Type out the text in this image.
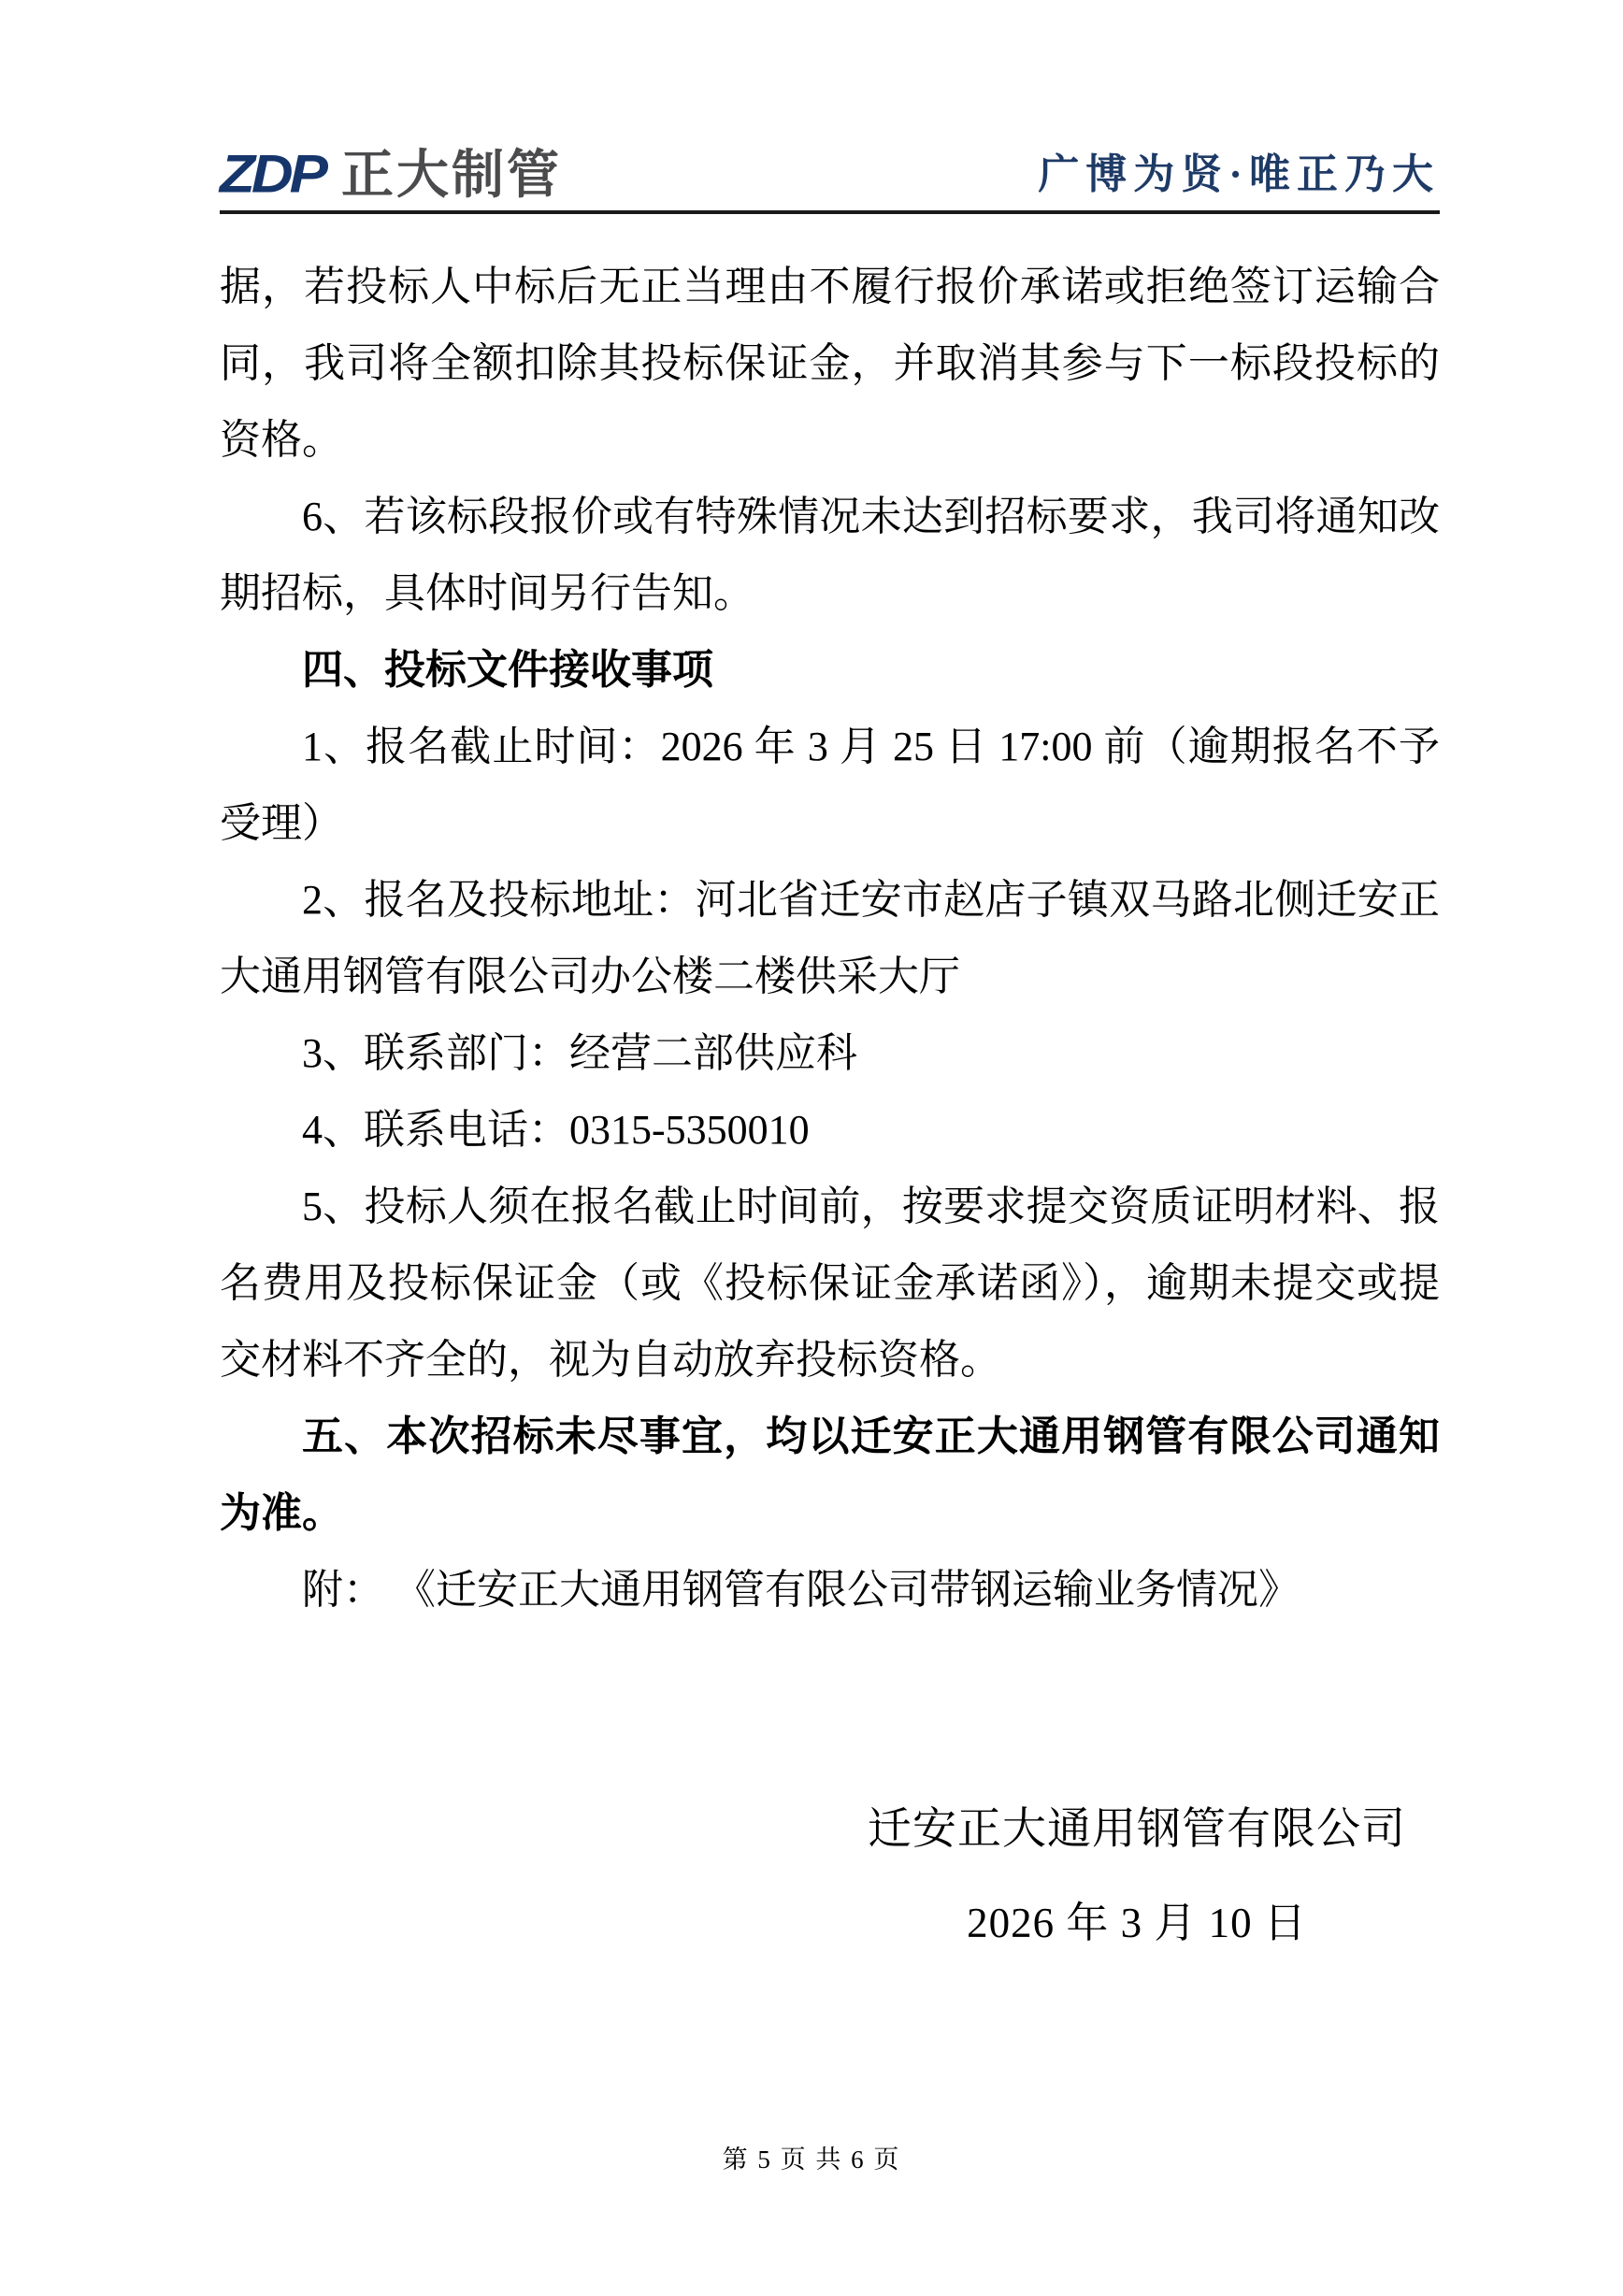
ZDP 正大制管	广博为贤·唯正乃大

据，若投标人中标后无正当理由不履行报价承诺或拒绝签订运输合同，我司将全额扣除其投标保证金，并取消其参与下一标段投标的资格。

6、若该标段报价或有特殊情况未达到招标要求，我司将通知改期招标，具体时间另行告知。

四、投标文件接收事项

1、报名截止时间：2026 年 3 月 25 日 17:00 前（逾期报名不予受理）

2、报名及投标地址：河北省迁安市赵店子镇双马路北侧迁安正大通用钢管有限公司办公楼二楼供采大厅

3、联系部门：经营二部供应科

4、联系电话：0315-5350010

5、投标人须在报名截止时间前，按要求提交资质证明材料、报名费用及投标保证金（或《投标保证金承诺函》），逾期未提交或提交材料不齐全的，视为自动放弃投标资格。

五、本次招标未尽事宜，均以迁安正大通用钢管有限公司通知为准。

附： 《迁安正大通用钢管有限公司带钢运输业务情况》

迁安正大通用钢管有限公司
2026 年 3 月 10 日
第 5 页 共 6 页
